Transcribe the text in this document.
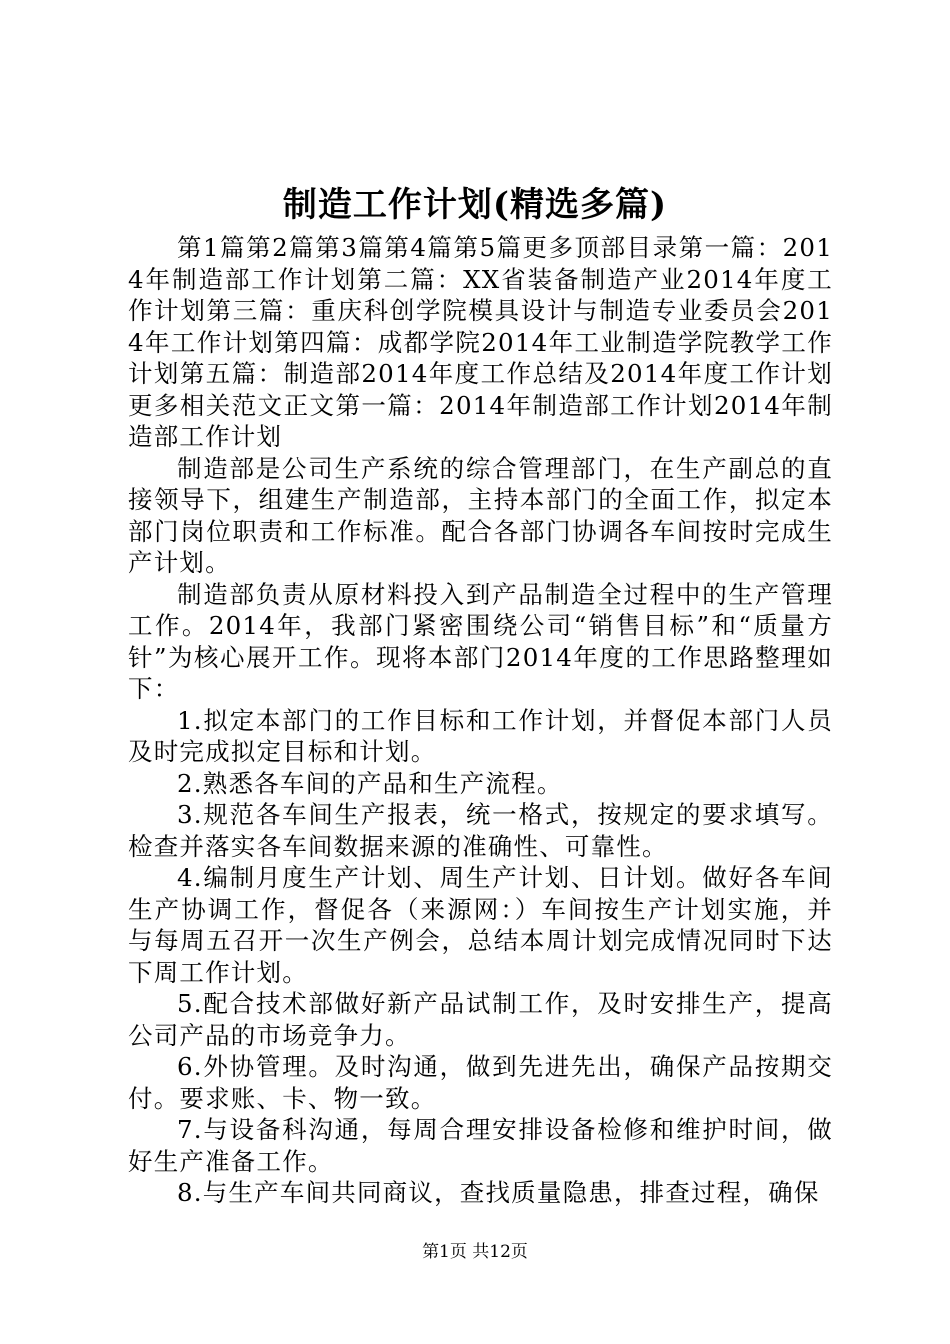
制造工作计划(精选多篇)

第1篇第2篇第3篇第4篇第5篇更多顶部目录第一篇：2014年制造部工作计划第二篇：XX省装备制造产业2014年度工作计划第三篇：重庆科创学院模具设计与制造专业委员会2014年工作计划第四篇：成都学院2014年工业制造学院教学工作计划第五篇：制造部2014年度工作总结及2014年度工作计划更多相关范文正文第一篇：2014年制造部工作计划2014年制造部工作计划

制造部是公司生产系统的综合管理部门，在生产副总的直接领导下，组建生产制造部，主持本部门的全面工作，拟定本部门岗位职责和工作标准。配合各部门协调各车间按时完成生产计划。

制造部负责从原材料投入到产品制造全过程中的生产管理工作。2014年，我部门紧密围绕公司“销售目标”和“质量方针”为核心展开工作。现将本部门2014年度的工作思路整理如下：

1.拟定本部门的工作目标和工作计划，并督促本部门人员及时完成拟定目标和计划。

2.熟悉各车间的产品和生产流程。

3.规范各车间生产报表，统一格式，按规定的要求填写。检查并落实各车间数据来源的准确性、可靠性。

4.编制月度生产计划、周生产计划、日计划。做好各车间生产协调工作，督促各（来源网：）车间按生产计划实施，并与每周五召开一次生产例会，总结本周计划完成情况同时下达下周工作计划。

5.配合技术部做好新产品试制工作，及时安排生产，提高公司产品的市场竞争力。

6.外协管理。及时沟通，做到先进先出，确保产品按期交付。要求账、卡、物一致。

7.与设备科沟通，每周合理安排设备检修和维护时间，做好生产准备工作。

8.与生产车间共同商议，查找质量隐患，排查过程，确保

第1页 共12页
